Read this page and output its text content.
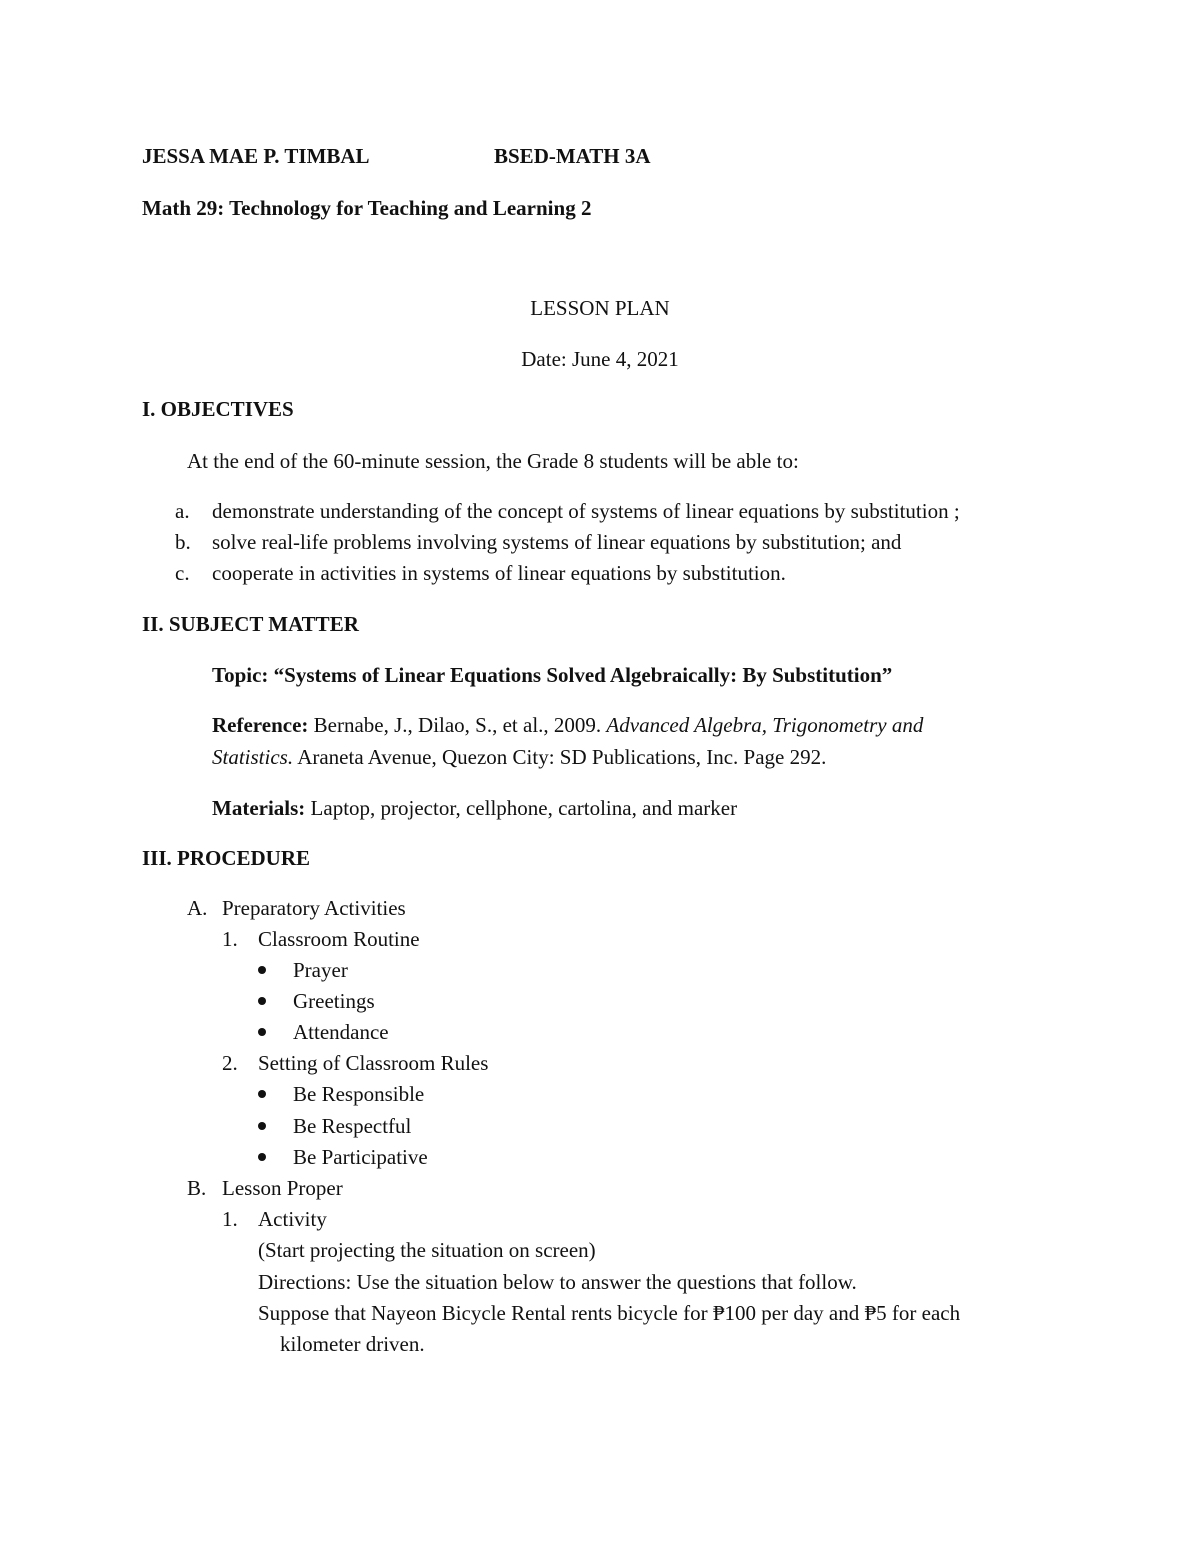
JESSA MAE P. TIMBAL	BSED-MATH 3A
Math 29: Technology for Teaching and Learning 2
LESSON PLAN
Date: June 4, 2021
I. OBJECTIVES
At the end of the 60-minute session, the Grade 8 students will be able to:
a. demonstrate understanding of the concept of systems of linear equations by substitution ;
b. solve real-life problems involving systems of linear equations by substitution; and
c. cooperate in activities in systems of linear equations by substitution.
II. SUBJECT MATTER
Topic: “Systems of Linear Equations Solved Algebraically: By Substitution”
Reference: Bernabe, J., Dilao, S., et al., 2009. Advanced Algebra, Trigonometry and
Statistics. Araneta Avenue, Quezon City: SD Publications, Inc. Page 292.
Materials: Laptop, projector, cellphone, cartolina, and marker
III. PROCEDURE
A. Preparatory Activities
1. Classroom Routine
Prayer
Greetings
Attendance
2. Setting of Classroom Rules
Be Responsible
Be Respectful
Be Participative
B. Lesson Proper
1. Activity
(Start projecting the situation on screen)
Directions: Use the situation below to answer the questions that follow.
Suppose that Nayeon Bicycle Rental rents bicycle for ₱100 per day and ₱5 for each
kilometer driven.
